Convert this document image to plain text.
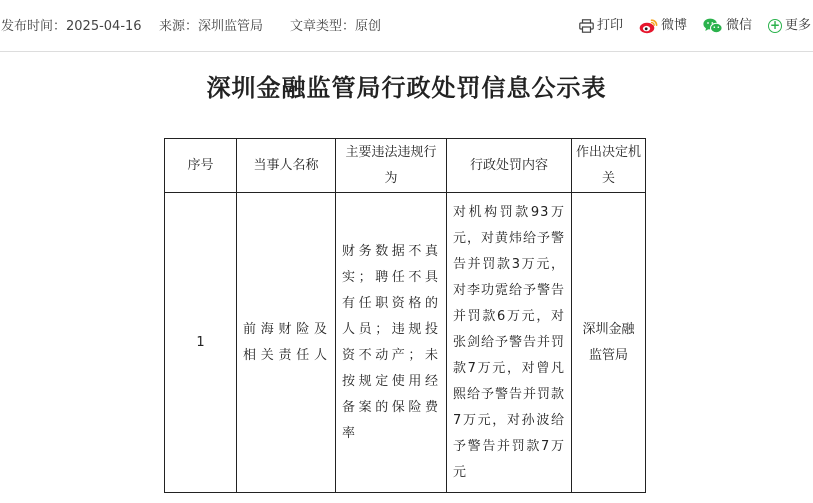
发布时间：2025-04-16 来源：深圳监管局 文章类型：原创	打印	微博	微信 + 更多
深圳金融监管局行政处罚信息公示表
序号	当事人名称	主要违法违规行为	行政处罚内容	作出决定机关
1	前海财险及相关责任人	财务数据不真实；聘任不具有任职资格的人员；违规投资不动产；未按规定使用经备案的保险费率	对机构罚款93万元，对黄炜给予警告并罚款3万元，对李功霓给予警告并罚款6万元，对张剑给予警告并罚款7万元，对曾凡熙给予警告并罚款7万元，对孙波给予警告并罚款7万元	深圳金融监管局
